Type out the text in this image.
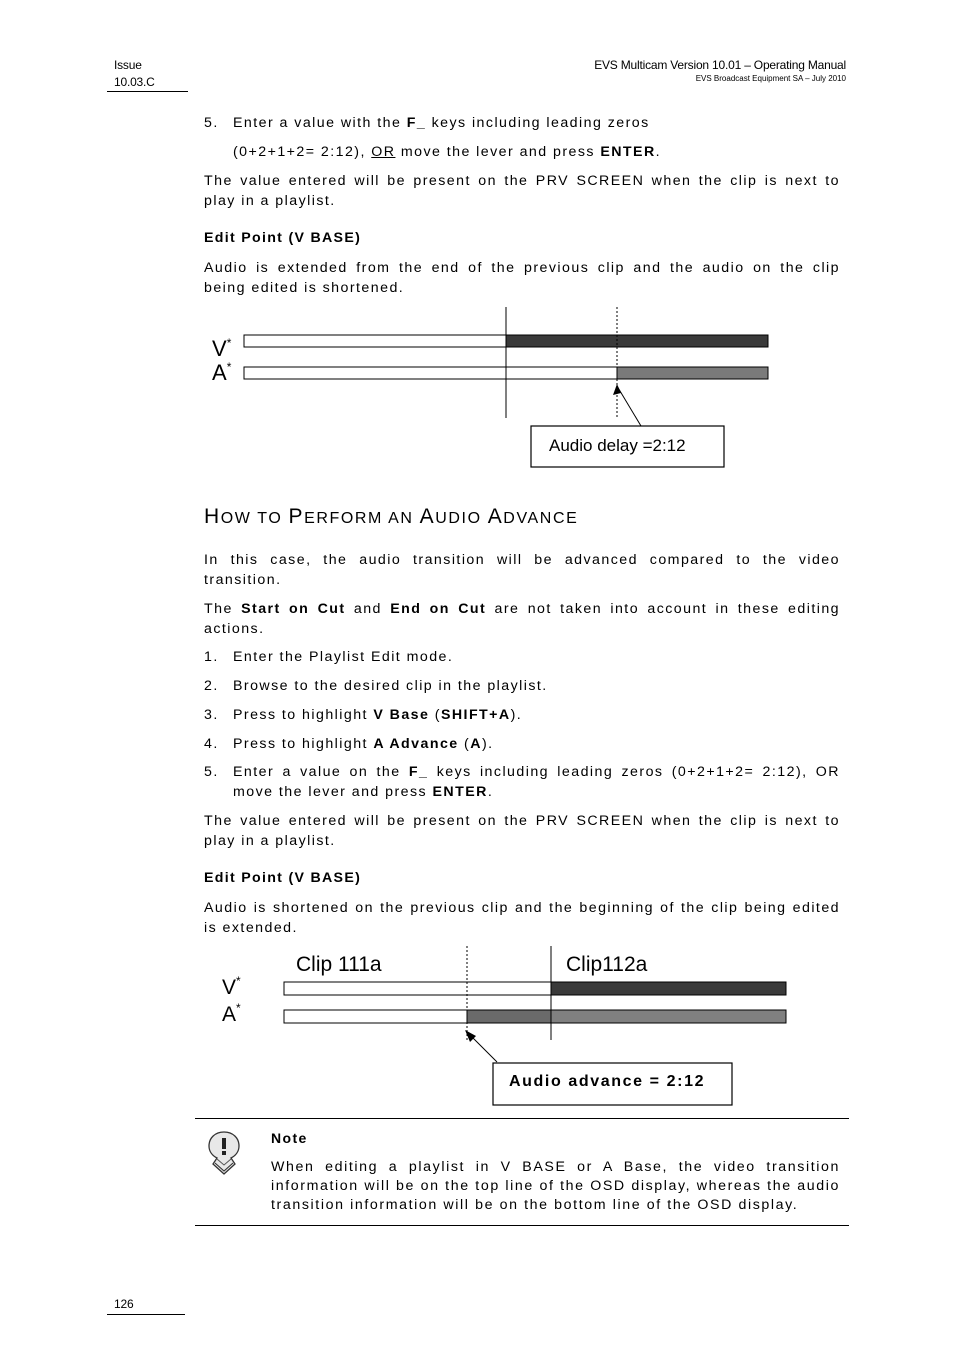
Issue
10.03.C
EVS Multicam Version 10.01 – Operating Manual
EVS Broadcast Equipment SA – July 2010
5. Enter a value with the F_ keys including leading zeros
(0+2+1+2= 2:12), OR move the lever and press ENTER.
The value entered will be present on the PRV SCREEN when the clip is next to play in a playlist.
Edit Point (V BASE)
Audio is extended from the end of the previous clip and the audio on the clip being edited is shortened.
V*
A*
Audio delay =2:12
HOW TO PERFORM AN AUDIO ADVANCE
In this case, the audio transition will be advanced compared to the video transition.
The Start on Cut and End on Cut are not taken into account in these editing actions.
1. Enter the Playlist Edit mode.
2. Browse to the desired clip in the playlist.
3. Press to highlight V Base (SHIFT+A).
4. Press to highlight A Advance (A).
5. Enter a value on the F_ keys including leading zeros (0+2+1+2= 2:12), OR
move the lever and press ENTER.
The value entered will be present on the PRV SCREEN when the clip is next to play in a playlist.
Edit Point (V BASE)
Audio is shortened on the previous clip and the beginning of the clip being edited is extended.
Clip 111a	Clip112a
V*
A*
Audio advance = 2:12
Note
When editing a playlist in V BASE or A Base, the video transition information will be on the top line of the OSD display, whereas the audio transition information will be on the bottom line of the OSD display.
126
